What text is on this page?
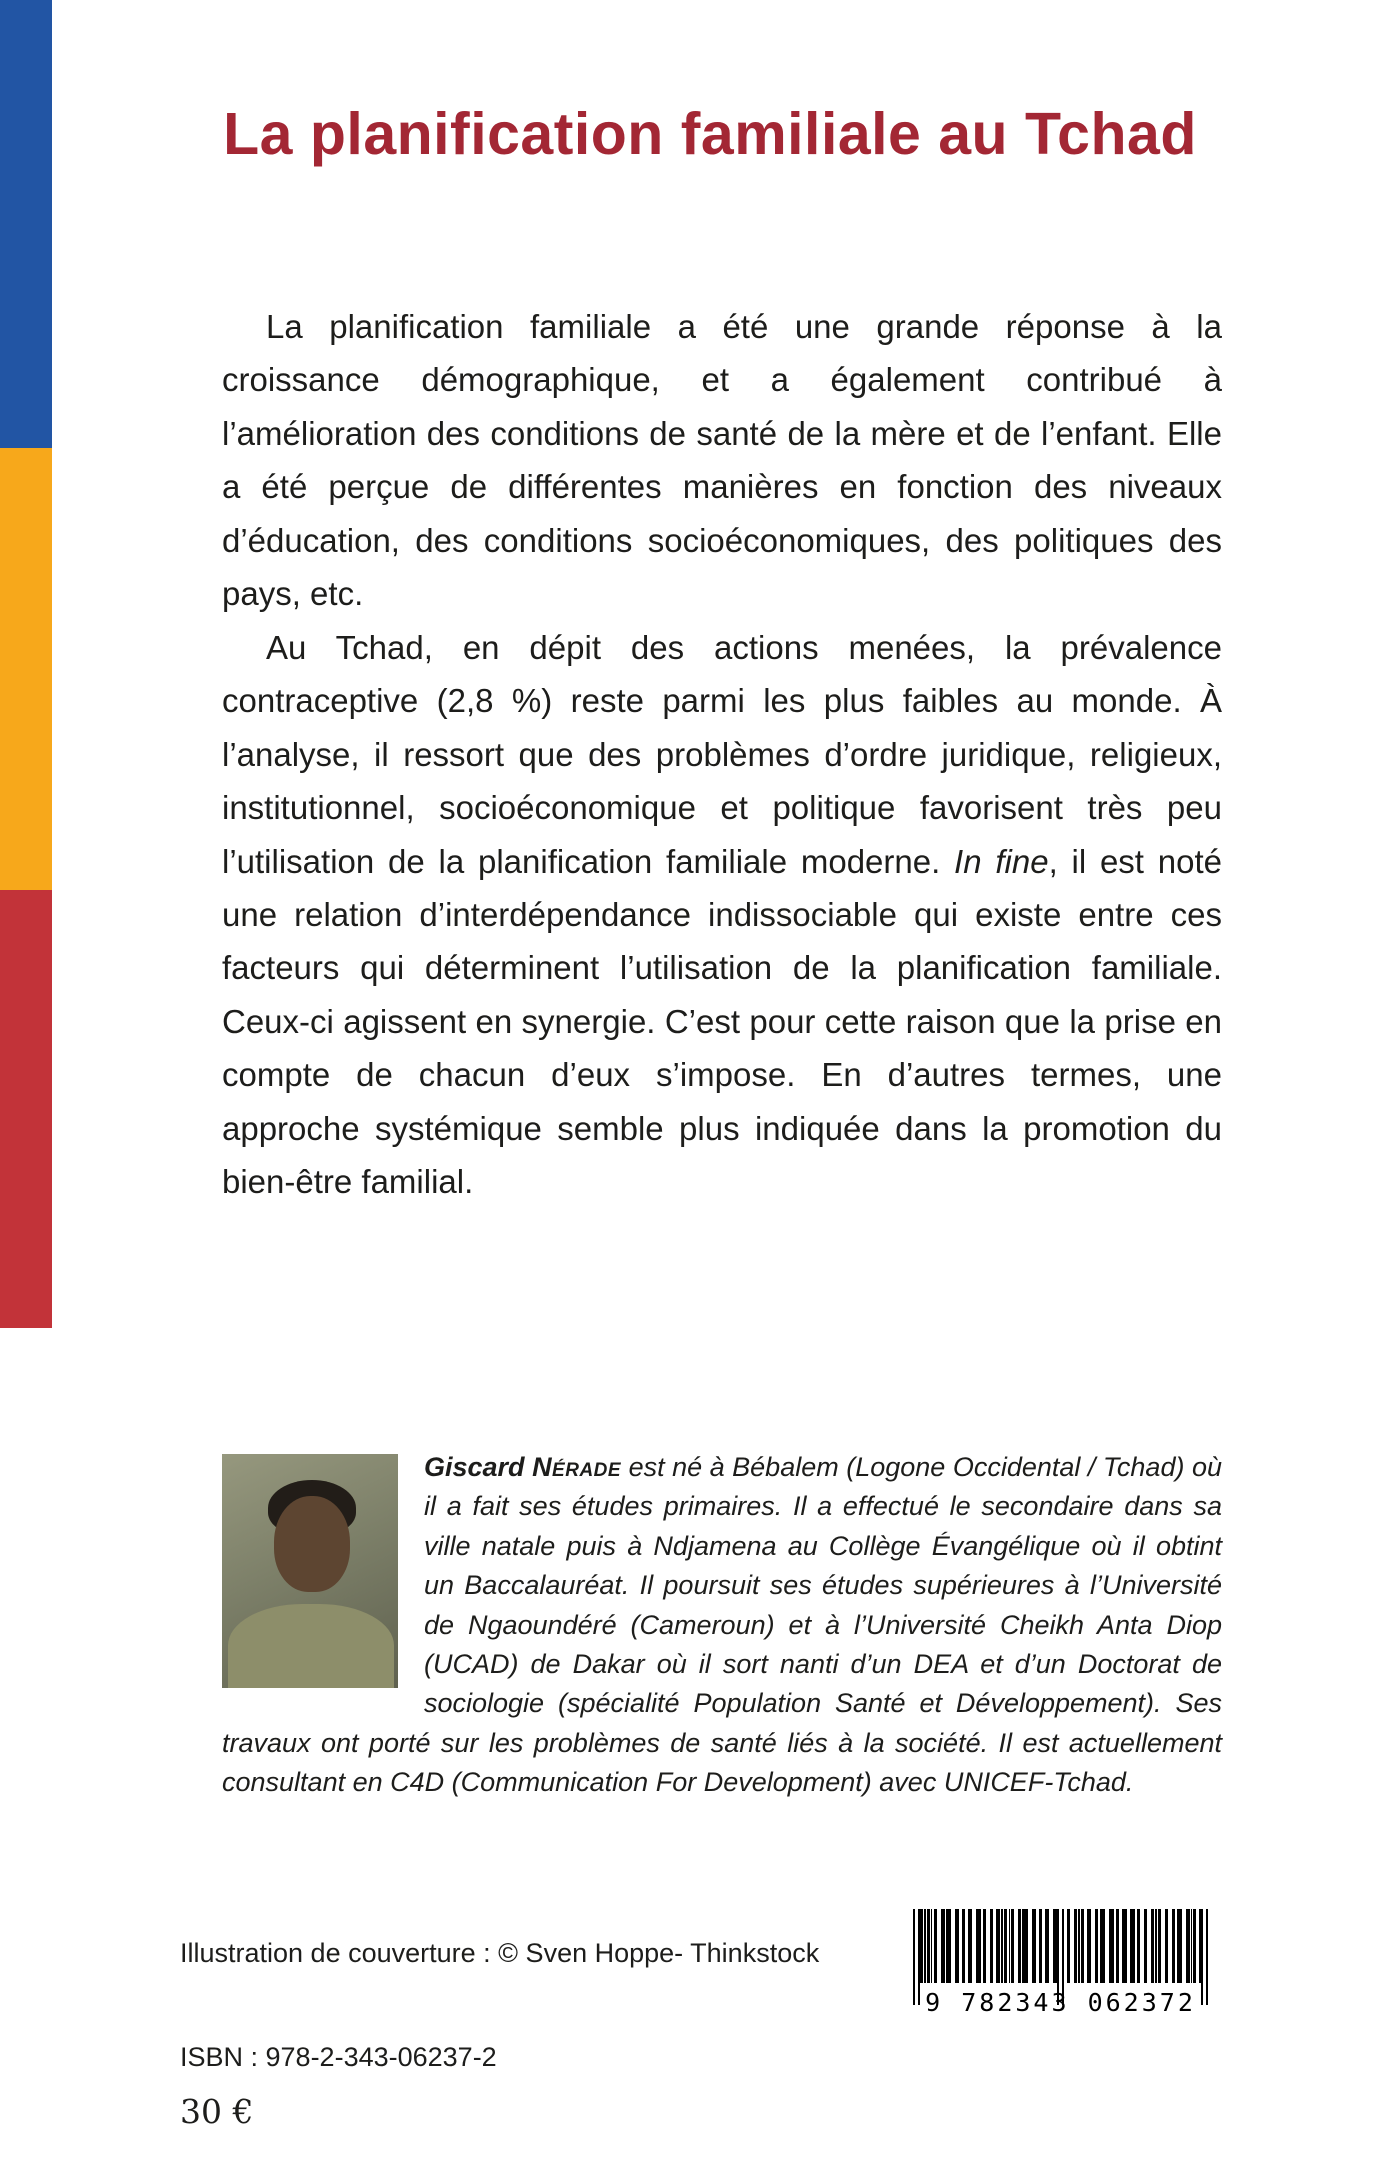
La planification familiale au Tchad

La planification familiale a été une grande réponse à la croissance démographique, et a également contribué à l’amélioration des conditions de santé de la mère et de l’enfant. Elle a été perçue de différentes manières en fonction des niveaux d’éducation, des conditions socioéconomiques, des politiques des pays, etc.

Au Tchad, en dépit des actions menées, la prévalence contraceptive (2,8 %) reste parmi les plus faibles au monde. À l’analyse, il ressort que des problèmes d’ordre juridique, religieux, institutionnel, socioéconomique et politique favorisent très peu l’utilisation de la planification familiale moderne. In fine, il est noté une relation d’interdépendance indissociable qui existe entre ces facteurs qui déterminent l’utilisation de la planification familiale. Ceux-ci agissent en synergie. C’est pour cette raison que la prise en compte de chacun d’eux s’impose. En d’autres termes, une approche systémique semble plus indiquée dans la promotion du bien-être familial.

Giscard Nérade est né à Bébalem (Logone Occidental / Tchad) où il a fait ses études primaires. Il a effectué le secondaire dans sa ville natale puis à Ndjamena au Collège Évangélique où il obtint un Baccalauréat. Il poursuit ses études supérieures à l’Université de Ngaoundéré (Cameroun) et à l’Université Cheikh Anta Diop (UCAD) de Dakar où il sort nanti d’un DEA et d’un Doctorat de sociologie (spécialité Population Santé et Développement). Ses travaux ont porté sur les problèmes de santé liés à la société. Il est actuellement consultant en C4D (Communication For Development) avec UNICEF-Tchad.

Illustration de couverture : © Sven Hoppe- Thinkstock
ISBN : 978-2-343-06237-2
30 €
9 782343 062372
